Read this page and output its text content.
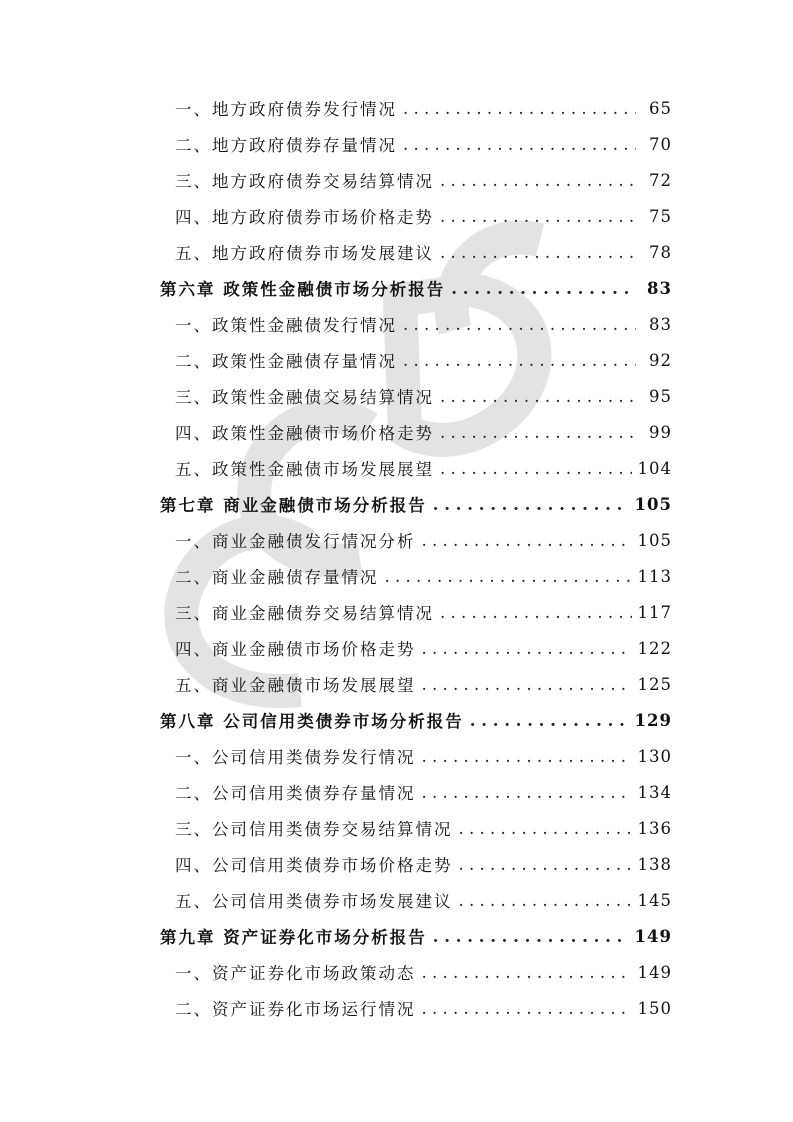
一、地方政府债券发行情况 . . .	65
二、地方政府债券存量情况 . . .	70
三、地方政府债券交易结算情况 . . .	72
四、地方政府债券市场价格走势 . . .	75
五、地方政府债券市场发展建议 . . .	78
第六章 政策性金融债市场分析报告 . . .	83
一、政策性金融债发行情况 . . .	83
二、政策性金融债存量情况 . . .	92
三、政策性金融债交易结算情况 . . .	95
四、政策性金融债市场价格走势 . . .	99
五、政策性金融债市场发展展望 . . .	104
第七章 商业金融债市场分析报告 . . .	105
一、商业金融债发行情况分析 . . .	105
二、商业金融债存量情况 . . .	113
三、商业金融债券交易结算情况 . . .	117
四、商业金融债市场价格走势 . . .	122
五、商业金融债市场发展展望 . . .	125
第八章 公司信用类债券市场分析报告 . . .	129
一、公司信用类债券发行情况 . . .	130
二、公司信用类债券存量情况 . . .	134
三、公司信用类债券交易结算情况 . . .	136
四、公司信用类债券市场价格走势 . . .	138
五、公司信用类债券市场发展建议 . . .	145
第九章 资产证券化市场分析报告 . . .	149
一、资产证券化市场政策动态 . . .	149
二、资产证券化市场运行情况 . . .	150
